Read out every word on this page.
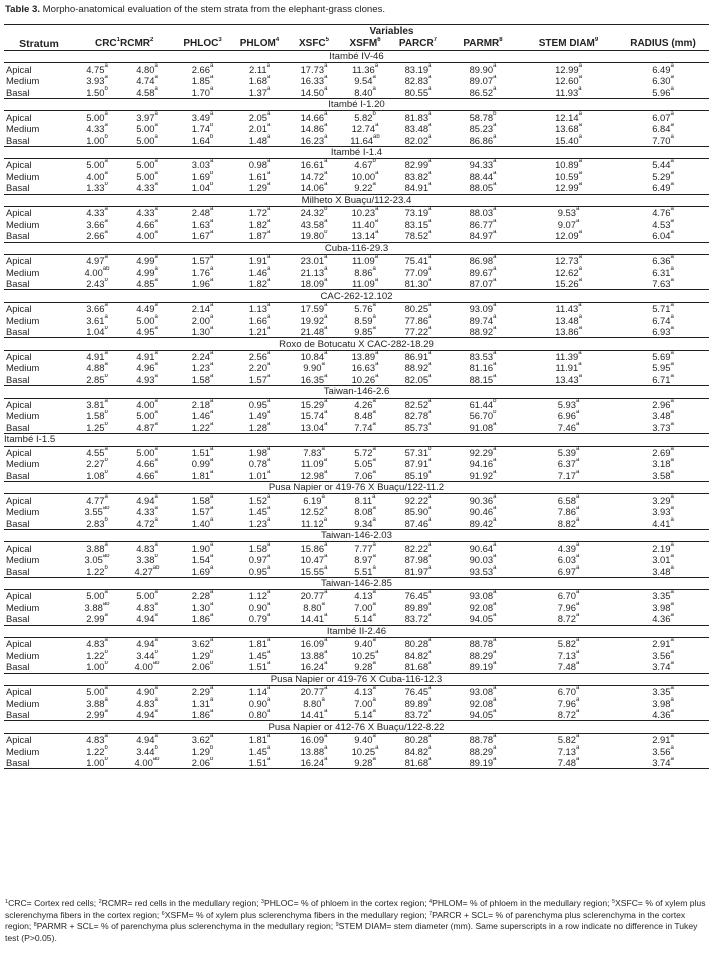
Table 3. Morpho-anatomical evaluation of the stem strata from the elephant-grass clones.
Stratum	Variables									
	CRC$^1$	RCMR$^2$	PHLOC$^3$	PHLOM$^4$	XSFC$^5$	XSFM$^6$	PARCR$^7$	PARMR$^8$	STEM DIAM$^9$	RADIUS (mm)
Itambé IV-46										
Apical	4.75$^a$	4.80$^a$	2.66$^a$	2.11$^a$	17.73$^a$	11.36$^a$	83.19$^a$	89.90$^a$	12.99$^a$	6.49$^a$
Medium	3.93$^a$	4.74$^a$	1.85$^a$	1.68$^a$	16.33$^a$	9.54$^a$	82.83$^a$	89.07$^a$	12.60$^a$	6.30$^a$
Basal	1.50$^b$	4.58$^a$	1.70$^a$	1.37$^a$	14.50$^a$	8.40$^a$	80.55$^a$	86.52$^a$	11.93$^a$	5.96$^a$
Itambé I-1.20										
Apical	5.00$^a$	3.97$^a$	3.49$^a$	2.05$^a$	14.66$^a$	5.82$^b$	81.83$^a$	58.78$^b$	12.14$^a$	6.07$^a$
Medium	4.33$^a$	5.00$^a$	1.74$^b$	2.01$^a$	14.86$^a$	12.74$^a$	83.48$^a$	85.23$^a$	13.68$^a$	6.84$^a$
Basal	1.00$^b$	5.00$^a$	1.64$^b$	1.48$^a$	16.23$^a$	11.64$^{ab}$	82.02$^a$	86.86$^a$	15.40$^a$	7.70$^a$
Itambé I-1.4										
Apical	5.00$^a$	5.00$^a$	3.03$^a$	0.98$^a$	16.61$^a$	4.67$^b$	82.99$^a$	94.33$^a$	10.89$^a$	5.44$^a$
Medium	4.00$^a$	5.00$^a$	1.69$^b$	1.61$^a$	14.72$^a$	10.00$^a$	83.82$^a$	88.44$^a$	10.59$^a$	5.29$^a$
Basal	1.33$^b$	4.33$^a$	1.04$^b$	1.29$^a$	14.06$^a$	9.22$^a$	84.91$^a$	88.05$^a$	12.99$^a$	6.49$^a$
Milheto X Buaçu/112-23.4										
Apical	4.33$^a$	4.33$^a$	2.48$^a$	1.72$^a$	24.32$^b$	10.23$^a$	73.19$^a$	88.03$^a$	9.53$^a$	4.76$^a$
Medium	3.66$^a$	4.66$^a$	1.63$^a$	1.82$^a$	43.58$^a$	11.40$^a$	83.15$^a$	86.77$^a$	9.07$^a$	4.53$^a$
Basal	2.66$^a$	4.00$^a$	1.67$^a$	1.87$^a$	19.80$^b$	13.14$^a$	78.52$^a$	84.97$^a$	12.09$^a$	6.04$^a$
Cuba-116-29.3										
Apical	4.97$^a$	4.99$^a$	1.57$^a$	1.91$^a$	23.01$^a$	11.09$^a$	75.41$^a$	86.98$^a$	12.73$^a$	6.36$^a$
Medium	4.00$^{ab}$	4.99$^a$	1.76$^a$	1.46$^a$	21.13$^a$	8.86$^a$	77.09$^a$	89.67$^a$	12.62$^a$	6.31$^a$
Basal	2.43$^b$	4.85$^a$	1.96$^a$	1.82$^a$	18.09$^a$	11.09$^a$	81.30$^a$	87.07$^a$	15.26$^a$	7.63$^a$
CAC-262-12.102										
Apical	3.66$^a$	4.49$^a$	2.14$^a$	1.13$^a$	17.59$^a$	5.76$^a$	80.25$^a$	93.09$^a$	11.43$^a$	5.71$^a$
Medium	3.61$^a$	5.00$^a$	2.00$^a$	1.66$^a$	19.92$^a$	8.59$^a$	77.86$^a$	89.74$^a$	13.48$^a$	6.74$^a$
Basal	1.04$^b$	4.95$^a$	1.30$^a$	1.21$^a$	21.48$^a$	9.85$^a$	77.22$^a$	88.92$^a$	13.86$^a$	6.93$^a$
Roxo de Botucatu X CAC-282-18.29										
Apical	4.91$^a$	4.91$^a$	2.24$^a$	2.56$^a$	10.84$^a$	13.89$^a$	86.91$^a$	83.53$^a$	11.39$^a$	5.69$^a$
Medium	4.88$^a$	4.96$^a$	1.23$^a$	2.20$^a$	9.90$^a$	16.63$^a$	88.92$^a$	81.16$^a$	11.91$^a$	5.95$^a$
Basal	2.85$^b$	4.93$^a$	1.58$^a$	1.57$^a$	16.35$^a$	10.26$^a$	82.05$^a$	88.15$^a$	13.43$^a$	6.71$^a$
Taiwan-146-2.6										
Apical	3.81$^a$	4.00$^a$	2.18$^a$	0.95$^a$	15.29$^a$	4.26$^a$	82.52$^a$	61.44$^b$	5.93$^a$	2.96$^a$
Medium	1.58$^b$	5.00$^a$	1.46$^a$	1.49$^a$	15.74$^a$	8.48$^a$	82.78$^a$	56.70$^b$	6.96$^a$	3.48$^a$
Basal	1.25$^b$	4.87$^a$	1.22$^a$	1.28$^a$	13.04$^a$	7.74$^a$	85.73$^a$	91.08$^a$	7.46$^a$	3.73$^a$
Itambé I-1.5										
Apical	4.55$^a$	5.00$^a$	1.51$^a$	1.98$^a$	7.83$^a$	5.72$^a$	57.31$^b$	92.29$^a$	5.39$^a$	2.69$^a$
Medium	2.27$^b$	4.66$^a$	0.99$^a$	0.78$^a$	11.09$^a$	5.05$^a$	87.91$^a$	94.16$^a$	6.37$^a$	3.18$^a$
Basal	1.08$^b$	4.66$^a$	1.81$^a$	1.01$^a$	12.98$^a$	7.06$^a$	85.19$^a$	91.92$^a$	7.17$^a$	3.58$^a$
Pusa Napier or 419-76 X Buaçu/122-11.2										
Apical	4.77$^a$	4.94$^a$	1.58$^a$	1.52$^a$	6.19$^a$	8.11$^a$	92.22$^a$	90.36$^a$	6.58$^a$	3.29$^a$
Medium	3.55$^{ab}$	4.33$^a$	1.57$^a$	1.45$^a$	12.52$^a$	8.08$^a$	85.90$^a$	90.46$^a$	7.86$^a$	3.93$^a$
Basal	2.83$^b$	4.72$^a$	1.40$^a$	1.23$^a$	11.12$^a$	9.34$^a$	87.46$^a$	89.42$^a$	8.82$^a$	4.41$^a$
Taiwan-146-2.03										
Apical	3.88$^a$	4.83$^a$	1.90$^a$	1.58$^a$	15.86$^a$	7.77$^a$	82.22$^a$	90.64$^a$	4.39$^a$	2.19$^a$
Medium	3.05$^{ab}$	3.38$^b$	1.54$^a$	0.97$^a$	10.47$^a$	8.97$^a$	87.98$^a$	90.03$^a$	6.03$^a$	3.01$^a$
Basal	1.22$^b$	4.27$^{ab}$	1.69$^a$	0.95$^a$	15.55$^a$	5.51$^a$	81.97$^a$	93.53$^a$	6.97$^a$	3.48$^a$
Taiwan-146-2.85										
Apical	5.00$^a$	5.00$^a$	2.28$^a$	1.12$^a$	20.77$^a$	4.13$^a$	76.45$^a$	93.08$^a$	6.70$^a$	3.35$^a$
Medium	3.88$^{ab}$	4.83$^a$	1.30$^a$	0.90$^a$	8.80$^a$	7.00$^a$	89.89$^a$	92.08$^a$	7.96$^a$	3.98$^a$
Basal	2.99$^a$	4.94$^a$	1.86$^a$	0.79$^a$	14.41$^a$	5.14$^a$	83.72$^a$	94.05$^a$	8.72$^a$	4.36$^a$
Itambé II-2.46										
Apical	4.83$^a$	4.94$^a$	3.62$^a$	1.81$^a$	16.09$^a$	9.40$^a$	80.28$^a$	88.78$^a$	5.82$^a$	2.91$^a$
Medium	1.22$^b$	3.44$^b$	1.29$^b$	1.45$^a$	13.88$^a$	10.25$^a$	84.82$^a$	88.29$^a$	7.13$^a$	3.56$^a$
Basal	1.00$^b$	4.00$^{ab}$	2.06$^b$	1.51$^a$	16.24$^a$	9.28$^a$	81.68$^a$	89.19$^a$	7.48$^a$	3.74$^a$
Pusa Napier or 419-76 X Cuba-116-12.3										
Apical	5.00$^a$	4.90$^a$	2.29$^a$	1.14$^a$	20.77$^a$	4.13$^a$	76.45$^a$	93.08$^a$	6.70$^a$	3.35$^a$
Medium	3.88$^a$	4.83$^a$	1.31$^a$	0.90$^a$	8.80$^a$	7.00$^a$	89.89$^a$	92.08$^a$	7.96$^a$	3.98$^a$
Basal	2.99$^a$	4.94$^a$	1.86$^a$	0.80$^a$	14.41$^a$	5.14$^a$	83.72$^a$	94.05$^a$	8.72$^a$	4.36$^a$
Pusa Napier or 412-76 X Buaçu/122-8.22										
Apical	4.83$^a$	4.94$^a$	3.62$^a$	1.81$^a$	16.09$^a$	9.40$^a$	80.28$^a$	88.78$^a$	5.82$^a$	2.91$^a$
Medium	1.22$^b$	3.44$^b$	1.29$^b$	1.45$^a$	13.88$^a$	10.25$^a$	84.82$^a$	88.29$^a$	7.13$^a$	3.56$^a$
Basal	1.00$^b$	4.00$^{ab}$	2.06$^b$	1.51$^a$	16.24$^a$	9.28$^a$	81.68$^a$	89.19$^a$	7.48$^a$	3.74$^a$
$^1$CRC= Cortex red cells; $^2$RCMR= red cells in the medullary region; $^3$PHLOC= % of phloem in the cortex region; $^4$PHLOM= % of phloem in the medullary region; $^5$XSFC= % of xylem plus sclerenchyma fibers in the cortex region; $^6$XSFM= % of xylem plus sclerenchyma fibers in the medullary region; $^7$PARCR + SCL= % of parenchyma plus sclerenchyma in the cortex region; $^8$PARMR + SCL= % of parenchyma plus sclerenchyma in the medullary region; $^9$STEM DIAM= stem diameter (mm). Same superscripts in a row indicate no difference in Tukey test (P>0.05).
